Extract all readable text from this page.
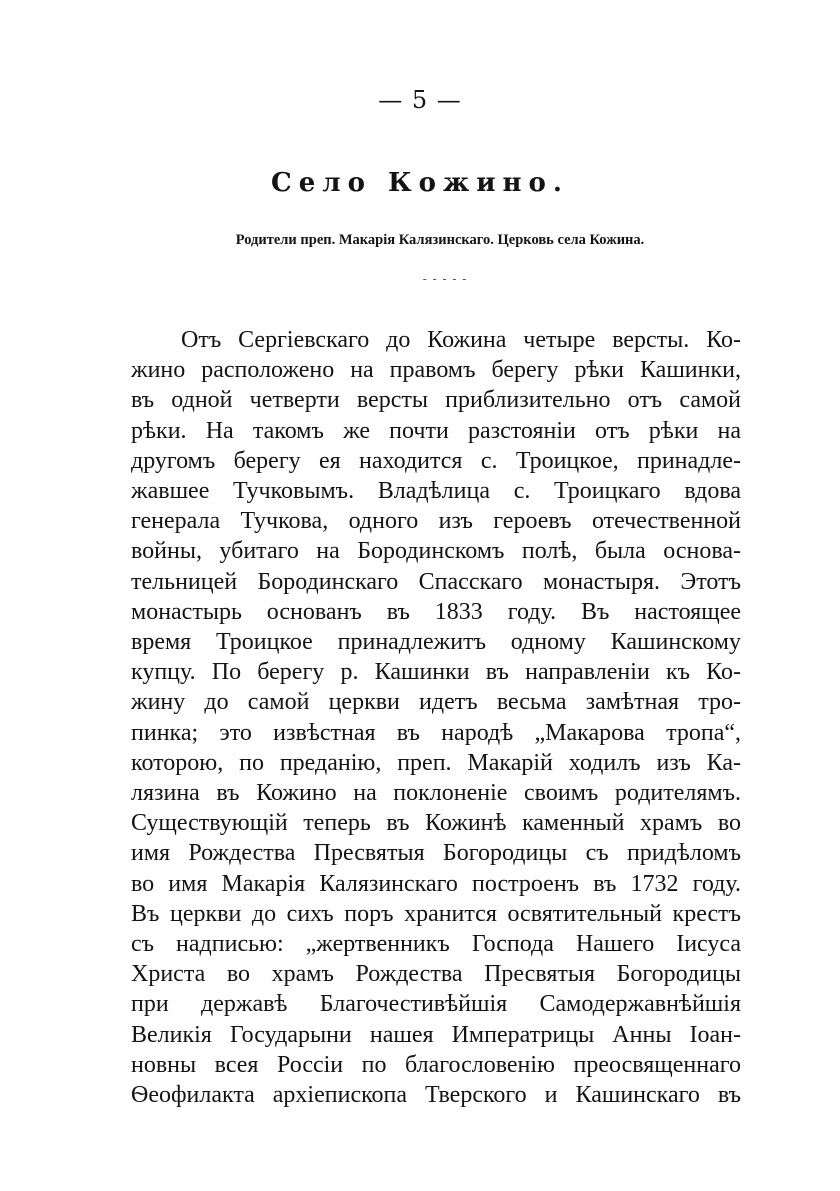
— 5 —
Село Кожино.
Родители преп. Макарія Калязинскаго. Церковь села Кожина.
- - - - -
Отъ Сергіевскаго до Кожина четыре версты. Ко-
жино расположено на правомъ берегу рѣки Кашинки,
въ одной четверти версты приблизительно отъ самой
рѣки. На такомъ же почти разстояніи отъ рѣки на
другомъ берегу ея находится с. Троицкое, принадле-
жавшее Тучковымъ. Владѣлица с. Троицкаго вдова
генерала Тучкова, одного изъ героевъ отечественной
войны, убитаго на Бородинскомъ полѣ, была основа-
тельницей Бородинскаго Спасскаго монастыря. Этотъ
монастырь основанъ въ 1833 году. Въ настоящее
время Троицкое принадлежитъ одному Кашинскому
купцу. По берегу р. Кашинки въ направленіи къ Ко-
жину до самой церкви идетъ весьма замѣтная тро-
пинка; это извѣстная въ народѣ „Макарова тропа“,
которою, по преданію, преп. Макарій ходилъ изъ Ка-
лязина въ Кожино на поклоненіе своимъ родителямъ.
Существующій теперь въ Кожинѣ каменный храмъ во
имя Рождества Пресвятыя Богородицы съ придѣломъ
во имя Макарія Калязинскаго построенъ въ 1732 году.
Въ церкви до сихъ поръ хранится освятительный крестъ
съ надписью: „жертвенникъ Господа Нашего Іисуса
Христа во храмъ Рождества Пресвятыя Богородицы
при державѣ Благочестивѣйшія Самодержавнѣйшія
Великія Государыни нашея Императрицы Анны Іоан-
новны всея Россіи по благословенію преосвященнаго
Ѳеофилакта архіепископа Тверского и Кашинскаго въ
